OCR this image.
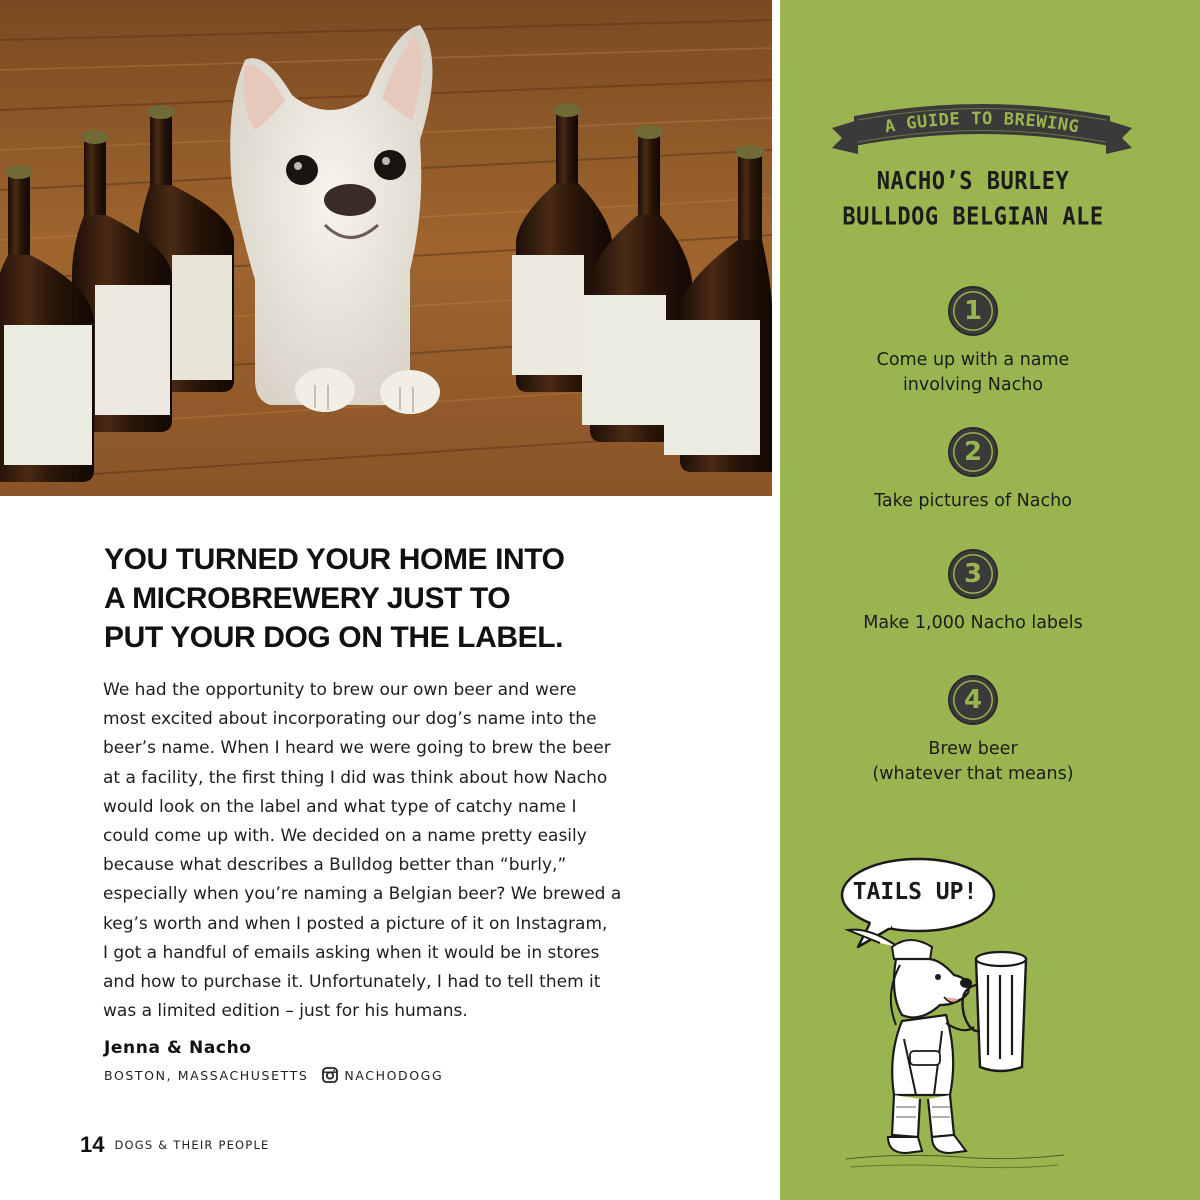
YOU TURNED YOUR HOME INTO
A MICROBREWERY JUST TO
PUT YOUR DOG ON THE LABEL.
We had the opportunity to brew our own beer and were
most excited about incorporating our dog’s name into the
beer’s name. When I heard we were going to brew the beer
at a facility, the first thing I did was think about how Nacho
would look on the label and what type of catchy name I
could come up with. We decided on a name pretty easily
because what describes a Bulldog better than “burly,”
especially when you’re naming a Belgian beer? We brewed a
keg’s worth and when I posted a picture of it on Instagram,
I got a handful of emails asking when it would be in stores
and how to purchase it. Unfortunately, I had to tell them it
was a limited edition – just for his humans.
Jenna & Nacho
BOSTON, MASSACHUSETTS	NACHODOGG
14 DOGS & THEIR PEOPLE
A GUIDE TO BREWING
NACHO’S BURLEY
BULLDOG BELGIAN ALE
1
Come up with a name
involving Nacho
2
Take pictures of Nacho
3
Make 1,000 Nacho labels
4
Brew beer
(whatever that means)
TAILS UP!
